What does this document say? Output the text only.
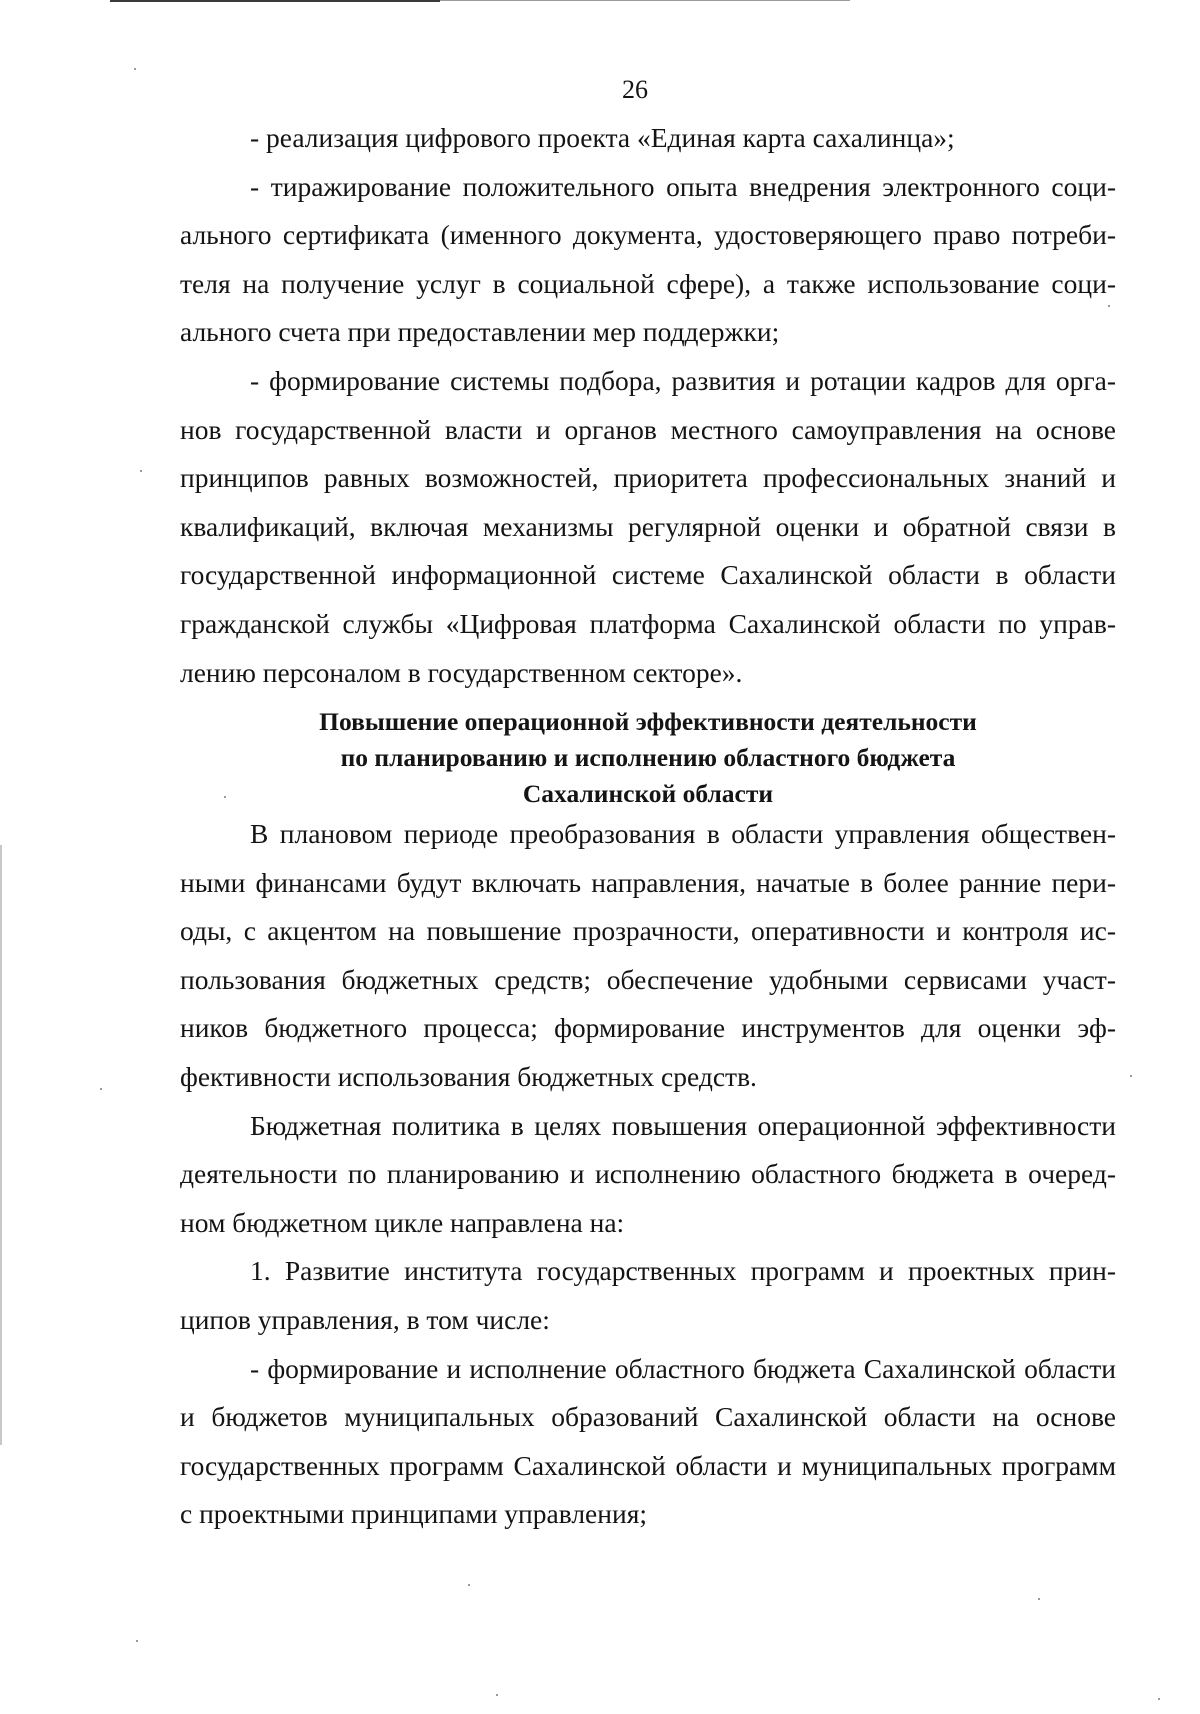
26

- реализация цифрового проекта «Единая карта сахалинца»;

- тиражирование положительного опыта внедрения электронного социального сертификата (именного документа, удостоверяющего право потребителя на получение услуг в социальной сфере), а также использование социального счета при предоставлении мер поддержки;

- формирование системы подбора, развития и ротации кадров для органов государственной власти и органов местного самоуправления на основе принципов равных возможностей, приоритета профессиональных знаний и квалификаций, включая механизмы регулярной оценки и обратной связи в государственной информационной системе Сахалинской области в области гражданской службы «Цифровая платформа Сахалинской области по управлению персоналом в государственном секторе».

Повышение операционной эффективности деятельности
по планированию и исполнению областного бюджета
Сахалинской области

В плановом периоде преобразования в области управления общественными финансами будут включать направления, начатые в более ранние периоды, с акцентом на повышение прозрачности, оперативности и контроля использования бюджетных средств; обеспечение удобными сервисами участников бюджетного процесса; формирование инструментов для оценки эффективности использования бюджетных средств.

Бюджетная политика в целях повышения операционной эффективности деятельности по планированию и исполнению областного бюджета в очередном бюджетном цикле направлена на:

1. Развитие института государственных программ и проектных принципов управления, в том числе:

- формирование и исполнение областного бюджета Сахалинской области и бюджетов муниципальных образований Сахалинской области на основе государственных программ Сахалинской области и муниципальных программ с проектными принципами управления;
